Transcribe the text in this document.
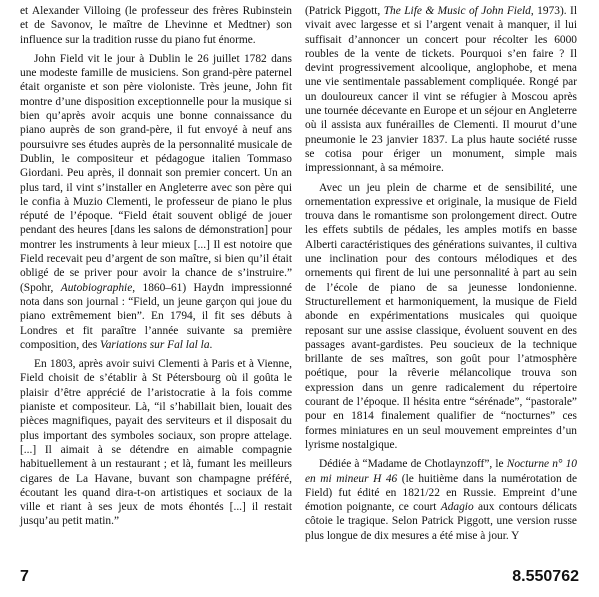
et Alexander Villoing (le professeur des frères Rubinstein et de Savonov, le maître de Lhevinne et Medtner) son influence sur la tradition russe du piano fut énorme.

John Field vit le jour à Dublin le 26 juillet 1782 dans une modeste famille de musiciens. Son grand-père paternel était organiste et son père violoniste. Très jeune, John fit montre d’une disposition exceptionnelle pour la musique si bien qu’après avoir acquis une bonne connaissance du piano auprès de son grand-père, il fut envoyé à neuf ans poursuivre ses études auprès de la personnalité musicale de Dublin, le compositeur et pédagogue italien Tommaso Giordani. Peu après, il donnait son premier concert. Un an plus tard, il vint s’installer en Angleterre avec son père qui le confia à Muzio Clementi, le professeur de piano le plus réputé de l’époque. “Field était souvent obligé de jouer pendant des heures [dans les salons de démonstration] pour montrer les instruments à leur mieux [...] Il est notoire que Field recevait peu d’argent de son maître, si bien qu’il était obligé de se priver pour avoir la chance de s’instruire.” (Spohr, Autobiographie, 1860–61) Haydn impressionné nota dans son journal : “Field, un jeune garçon qui joue du piano extrêmement bien”. En 1794, il fit ses débuts à Londres et fit paraître l’année suivante sa première composition, des Variations sur Fal lal la.

En 1803, après avoir suivi Clementi à Paris et à Vienne, Field choisit de s’établir à St Pétersbourg où il goûta le plaisir d’être apprécié de l’aristocratie à la fois comme pianiste et compositeur. Là, “il s’habillait bien, louait des pièces magnifiques, payait des serviteurs et il disposait du plus important des symboles sociaux, son propre attelage. [...] Il aimait à se détendre en aimable compagnie habituellement à un restaurant ; et là, fumant les meilleurs cigares de La Havane, buvant son champagne préféré, écoutant les quand dira-t-on artistiques et sociaux de la ville et riant à ses jeux de mots éhontés [...] il restait jusqu’au petit matin.”

(Patrick Piggott, The Life & Music of John Field, 1973). Il vivait avec largesse et si l’argent venait à manquer, il lui suffisait d’annoncer un concert pour récolter les 6000 roubles de la vente de tickets. Pourquoi s’en faire ? Il devint progressivement alcoolique, anglophobe, et mena une vie sentimentale passablement compliquée. Rongé par un douloureux cancer il vint se réfugier à Moscou après une tournée décevante en Europe et un séjour en Angleterre où il assista aux funérailles de Clementi. Il mourut d’une pneumonie le 23 janvier 1837. La plus haute société russe se cotisa pour ériger un monument, simple mais impressionnant, à sa mémoire.

Avec un jeu plein de charme et de sensibilité, une ornementation expressive et originale, la musique de Field trouva dans le romantisme son prolongement direct. Outre les effets subtils de pédales, les amples motifs en basse Alberti caractéristiques des générations suivantes, il cultiva une inclination pour des contours mélodiques et des ornements qui firent de lui une personnalité à part au sein de l’école de piano de sa jeunesse londonienne. Structurellement et harmoniquement, la musique de Field abonde en expérimentations musicales qui quoique reposant sur une assise classique, évoluent souvent en des passages avant-gardistes. Peu soucieux de la technique brillante de ses maîtres, son goût pour l’atmosphère poétique, pour la rêverie mélancolique trouva son expression dans un genre radicalement du répertoire courant de l’époque. Il hésita entre “sérénade”, “pastorale” pour en 1814 finalement qualifier de “nocturnes” ces formes miniatures en un seul mouvement empreintes d’un lyrisme nostalgique.

Dédiée à “Madame de Chotlaynzoff”, le Nocturne n° 10 en mi mineur H 46 (le huitième dans la numérotation de Field) fut édité en 1821/22 en Russie. Empreint d’une émotion poignante, ce court Adagio aux contours délicats côtoie le tragique. Selon Patrick Piggott, une version russe plus longue de dix mesures a été mise à jour. Y

7	8.550762
